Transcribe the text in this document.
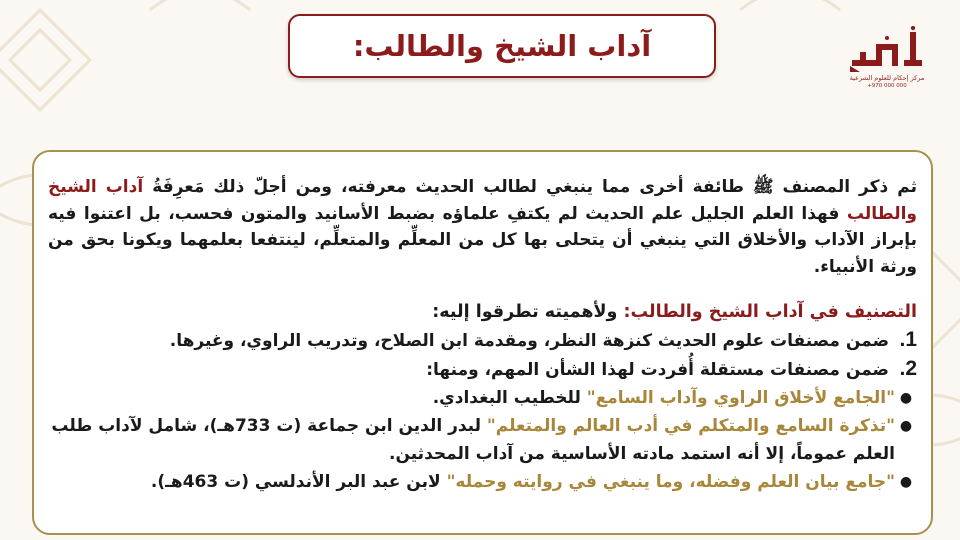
آداب الشيخ والطالب:
مركز إحكام للعلوم الشرعية
+970 000 000

ثم ذكر المصنف ﷺ طائفة أخرى مما ينبغي لطالب الحديث معرفته، ومن أجلّ ذلك مَعرِفَةُ آداب الشيخ والطالب فهذا العلم الجليل علم الحديث لم يكتفِ علماؤه بضبط الأسانيد والمتون فحسب، بل اعتنوا فيه بإبراز الآداب والأخلاق التي ينبغي أن يتحلى بها كل من المعلِّم والمتعلِّم، لينتفعا بعلمهما ويكونا بحق من ورثة الأنبياء.

التصنيف في آداب الشيخ والطالب: ولأهميته تطرقوا إليه:
1.
ضمن مصنفات علوم الحديث كنزهة النظر، ومقدمة ابن الصلاح، وتدريب الراوي، وغيرها.
2.
ضمن مصنفات مستقلة أُفردت لهذا الشأن المهم، ومنها:
●
"الجامع لأخلاق الراوي وآداب السامع" للخطيب البغدادي.
●
"تذكرة السامع والمتكلم في أدب العالم والمتعلم" لبدر الدين ابن جماعة (ت 733هـ)، شامل لآداب طلب العلم عموماً، إلا أنه استمد مادته الأساسية من آداب المحدثين.
●
"جامع بيان العلم وفضله، وما ينبغي في روايته وحمله" لابن عبد البر الأندلسي (ت 463هـ).
